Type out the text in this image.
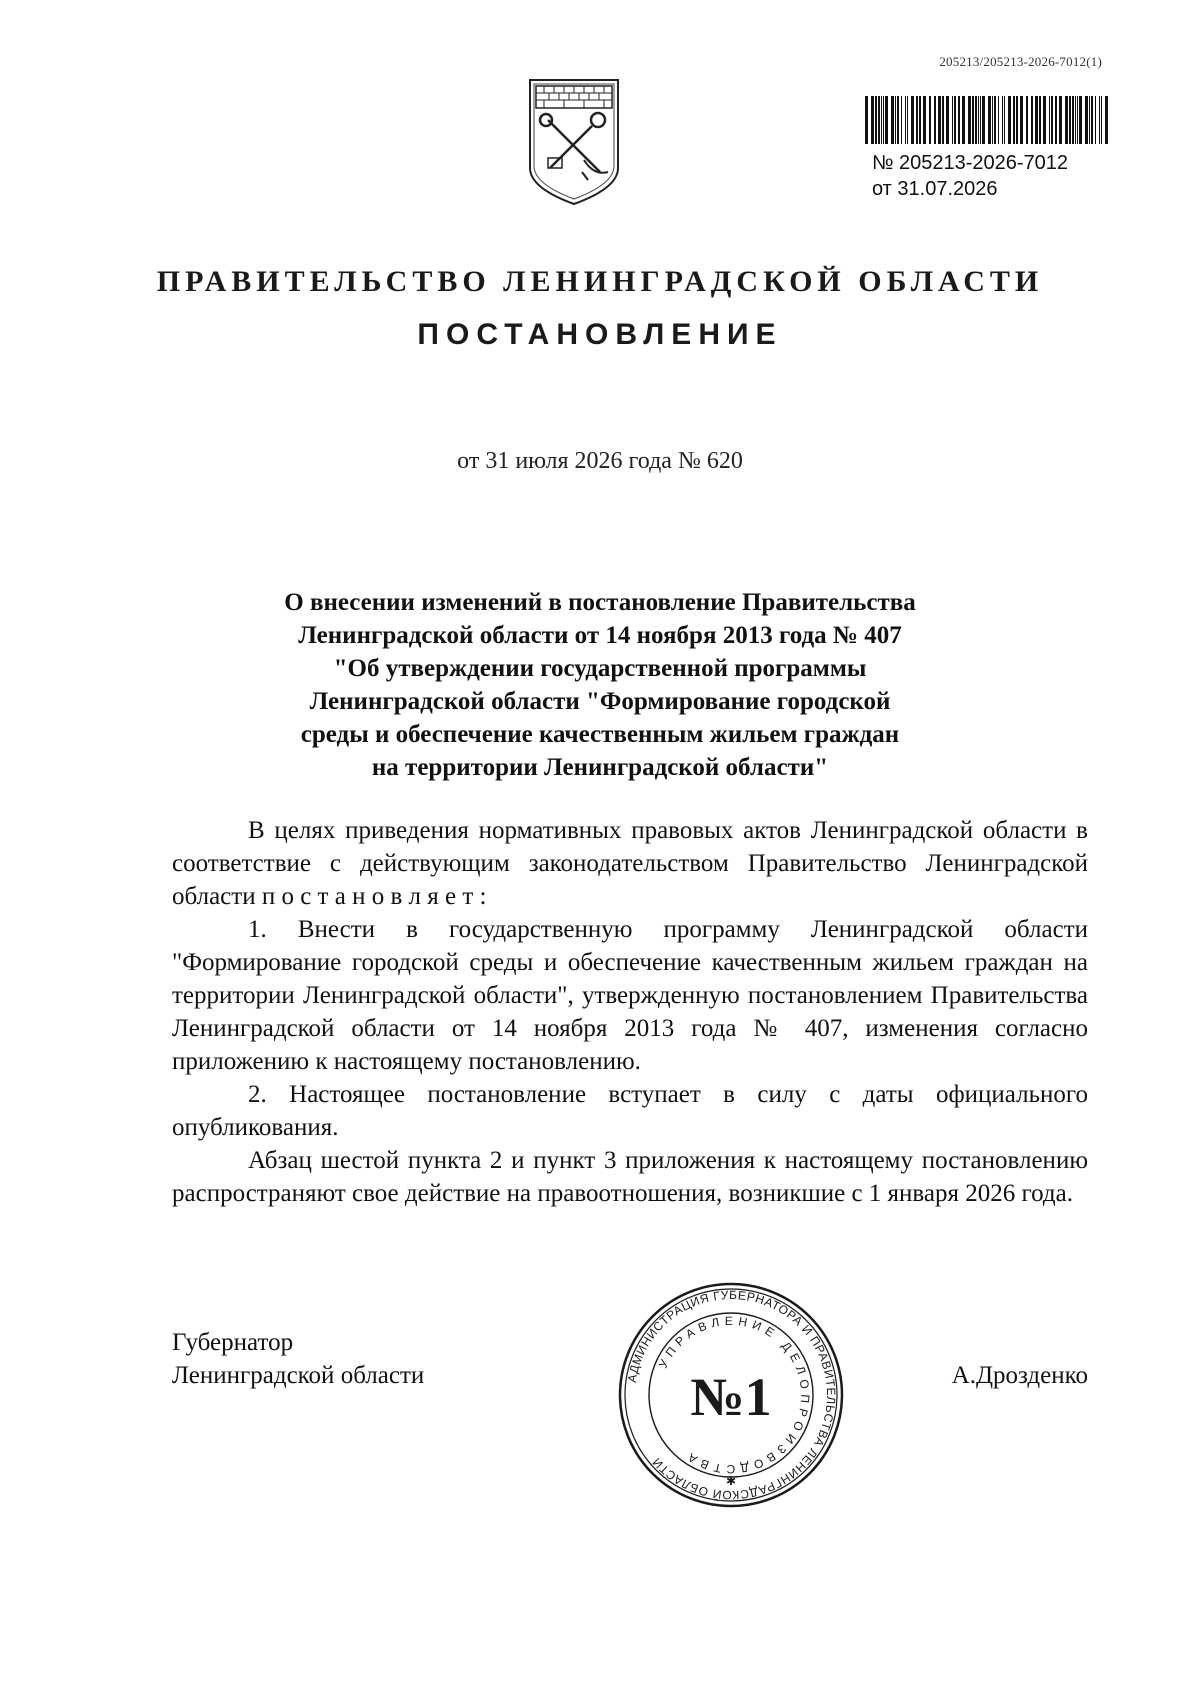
205213/205213-2026-7012(1)
№ 205213-2026-7012
от 31.07.2026
ПРАВИТЕЛЬСТВО ЛЕНИНГРАДСКОЙ ОБЛАСТИ
ПОСТАНОВЛЕНИЕ
от 31 июля 2026 года № 620
О внесении изменений в постановление Правительства
Ленинградской области от 14 ноября 2013 года № 407
"Об утверждении государственной программы
Ленинградской области "Формирование городской
среды и обеспечение качественным жильем граждан
на территории Ленинградской области"

В целях приведения нормативных правовых актов Ленинградской области в соответствие с действующим законодательством Правительство Ленинградской области п о с т а н о в л я е т :

1. Внести в государственную программу Ленинградской области "Формирование городской среды и обеспечение качественным жильем граждан на территории Ленинградской области", утвержденную постановлением Правительства Ленинградской области от 14 ноября 2013 года № 407, изменения согласно приложению к настоящему постановлению.

2. Настоящее постановление вступает в силу с даты официального опубликования.

Абзац шестой пункта 2 и пункт 3 приложения к настоящему постановлению распространяют свое действие на правоотношения, возникшие с 1 января 2026 года.

Губернатор
Ленинградской области	А.Дрозденко
АДМИНИСТРАЦИЯ ГУБЕРНАТОРА И ПРАВИТЕЛЬСТВА ЛЕНИНГРАДСКОЙ ОБЛАСТИ
УПРАВЛЕНИЕ ДЕЛОПРОИЗВОДСТВА
№1
✱
